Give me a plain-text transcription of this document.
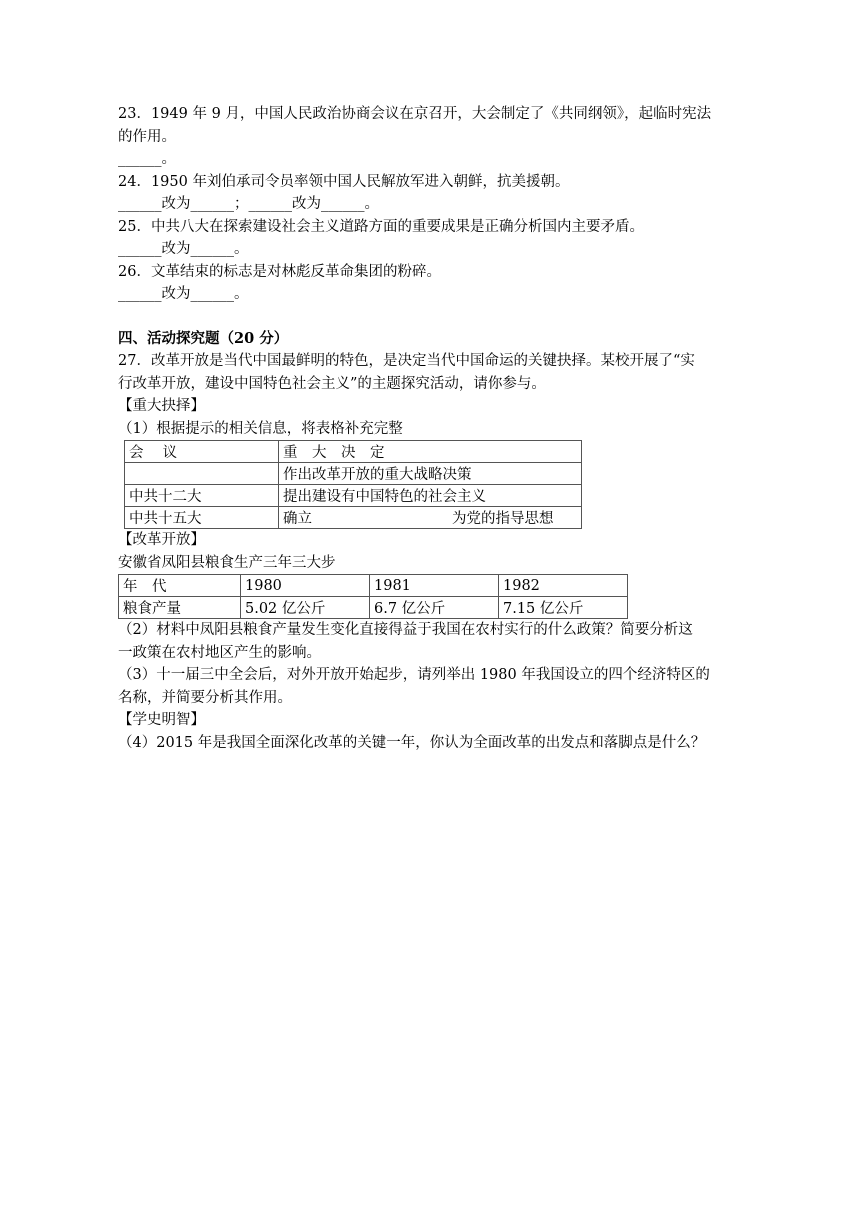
23．1949 年 9 月，中国人民政治协商会议在京召开，大会制定了《共同纲领》，起临时宪法
的作用。
______。
24．1950 年刘伯承司令员率领中国人民解放军进入朝鲜，抗美援朝。
______改为______；______改为______。
25．中共八大在探索建设社会主义道路方面的重要成果是正确分析国内主要矛盾。
______改为______。
26．文革结束的标志是对林彪反革命集团的粉碎。
______改为______。
四、活动探究题（20 分）
27．改革开放是当代中国最鲜明的特色，是决定当代中国命运的关键抉择。某校开展了“实
行改革开放，建设中国特色社会主义”的主题探究活动，请你参与。
【重大抉择】
（1）根据提示的相关信息，将表格补充完整
会　 议	重　大　决　定
	作出改革开放的重大战略决策
中共十二大	提出建设有中国特色的社会主义
中共十五大	确立 为党的指导思想
【改革开放】
安徽省凤阳县粮食生产三年三大步
年　代	1980	1981	1982
粮食产量	5.02 亿公斤	6.7 亿公斤	7.15 亿公斤
（2）材料中凤阳县粮食产量发生变化直接得益于我国在农村实行的什么政策？简要分析这
一政策在农村地区产生的影响。
（3）十一届三中全会后，对外开放开始起步，请列举出 1980 年我国设立的四个经济特区的
名称，并简要分析其作用。
【学史明智】
（4）2015 年是我国全面深化改革的关键一年，你认为全面改革的出发点和落脚点是什么？
